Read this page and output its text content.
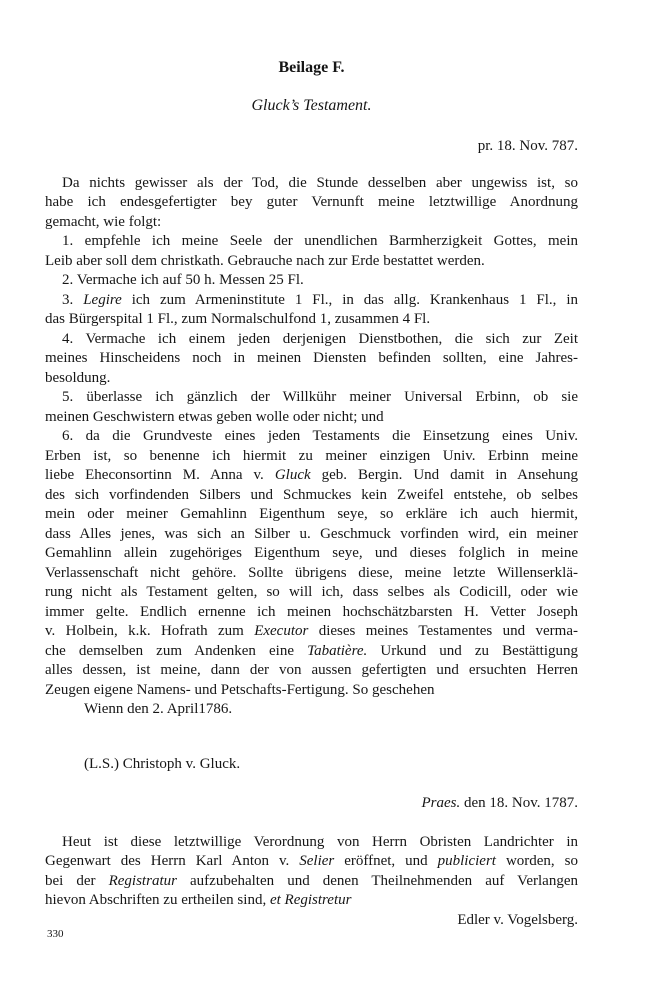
Beilage F.
Gluck’s Testament.
pr. 18. Nov. 787.
Da nichts gewisser als der Tod, die Stunde desselben aber ungewiss ist, so
habe ich endesgefertigter bey guter Vernunft meine letztwillige Anordnung
gemacht, wie folgt:
1. empfehle ich meine Seele der unendlichen Barmherzigkeit Gottes, mein
Leib aber soll dem christkath. Gebrauche nach zur Erde bestattet werden.
2. Vermache ich auf 50 h. Messen 25 Fl.
3. Legire ich zum Armeninstitute 1 Fl., in das allg. Krankenhaus 1 Fl., in
das Bürgerspital 1 Fl., zum Normalschulfond 1, zusammen 4 Fl.
4. Vermache ich einem jeden derjenigen Dienstbothen, die sich zur Zeit
meines Hinscheidens noch in meinen Diensten befinden sollten, eine Jahres-
besoldung.
5. überlasse ich gänzlich der Willkühr meiner Universal Erbinn, ob sie
meinen Geschwistern etwas geben wolle oder nicht; und
6. da die Grundveste eines jeden Testaments die Einsetzung eines Univ.
Erben ist, so benenne ich hiermit zu meiner einzigen Univ. Erbinn meine
liebe Eheconsortinn M. Anna v. Gluck geb. Bergin. Und damit in Ansehung
des sich vorfindenden Silbers und Schmuckes kein Zweifel entstehe, ob selbes
mein oder meiner Gemahlinn Eigenthum seye, so erkläre ich auch hiermit,
dass Alles jenes, was sich an Silber u. Geschmuck vorfinden wird, ein meiner
Gemahlinn allein zugehöriges Eigenthum seye, und dieses folglich in meine
Verlassenschaft nicht gehöre. Sollte übrigens diese, meine letzte Willenserklä-
rung nicht als Testament gelten, so will ich, dass selbes als Codicill, oder wie
immer gelte. Endlich ernenne ich meinen hochschätzbarsten H. Vetter Joseph
v. Holbein, k.k. Hofrath zum Executor dieses meines Testamentes und verma-
che demselben zum Andenken eine Tabatière. Urkund und zu Bestättigung
alles dessen, ist meine, dann der von aussen gefertigten und ersuchten Herren
Zeugen eigene Namens- und Petschafts-Fertigung. So geschehen
Wienn den 2. April1786.
(L.S.) Christoph v. Gluck.
Praes. den 18. Nov. 1787.
Heut ist diese letztwillige Verordnung von Herrn Obristen Landrichter in
Gegenwart des Herrn Karl Anton v. Selier eröffnet, und publiciert worden, so
bei der Registratur aufzubehalten und denen Theilnehmenden auf Verlangen
hievon Abschriften zu ertheilen sind, et Registretur
Edler v. Vogelsberg.
330
